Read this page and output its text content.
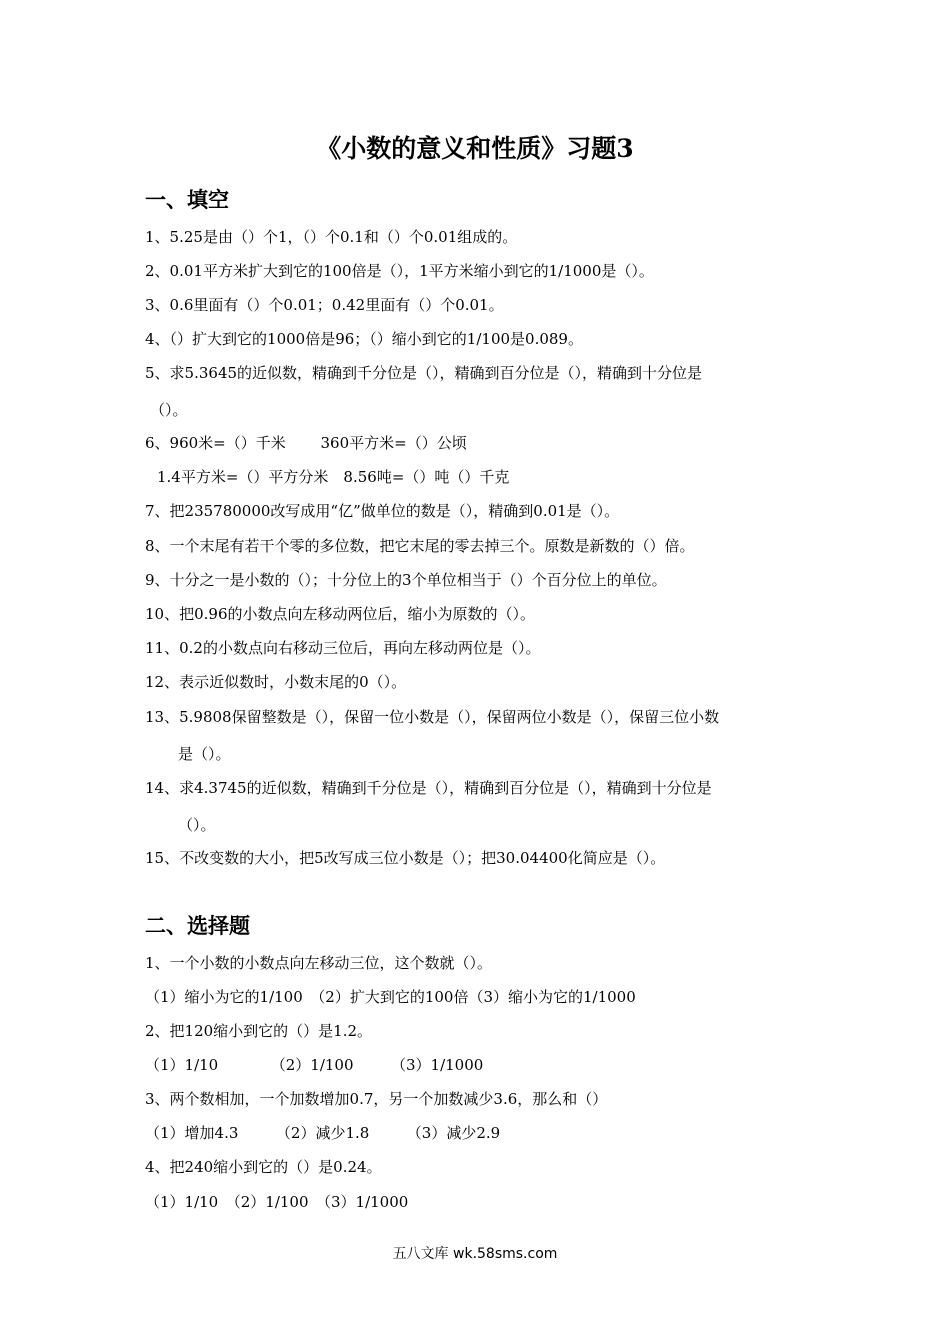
《小数的意义和性质》习题3
一、填空
1、5.25是由（）个1，（）个0.1和（）个0.01组成的。
2、0.01平方米扩大到它的100倍是（），1平方米缩小到它的1/1000是（）。
3、0.6里面有（）个0.01；0.42里面有（）个0.01。
4、（）扩大到它的1000倍是96；（）缩小到它的1/100是0.089。
5、求5.3645的近似数，精确到千分位是（），精确到百分位是（），精确到十分位是
（）。
6、960米=（）千米　　 360平方米=（）公顷
1.4平方米=（）平方分米　8.56吨=（）吨（）千克
7、把235780000改写成用“亿”做单位的数是（），精确到0.01是（）。
8、一个末尾有若干个零的多位数，把它末尾的零去掉三个。原数是新数的（）倍。
9、十分之一是小数的（）；十分位上的3个单位相当于（）个百分位上的单位。
10、把0.96的小数点向左移动两位后，缩小为原数的（）。
11、0.2的小数点向右移动三位后，再向左移动两位是（）。
12、表示近似数时，小数末尾的0（）。
13、5.9808保留整数是（），保留一位小数是（），保留两位小数是（），保留三位小数
是（）。
14、求4.3745的近似数，精确到千分位是（），精确到百分位是（），精确到十分位是
（）。
15、不改变数的大小，把5改写成三位小数是（）；把30.04400化简应是（）。
二、选择题
1、一个小数的小数点向左移动三位，这个数就（）。
（1）缩小为它的1/100　（2）扩大到它的100倍（3）缩小为它的1/1000
2、把120缩小到它的（）是1.2。
（1）1/10　　　　（2）1/100　　　（3）1/1000
3、两个数相加，一个加数增加0.7，另一个加数减少3.6，那么和（）
（1）增加4.3　　　（2）减少1.8　　　（3）减少2.9
4、把240缩小到它的（）是0.24。
（1）1/10　（2）1/100　（3）1/1000
五八文库 wk.58sms.com
